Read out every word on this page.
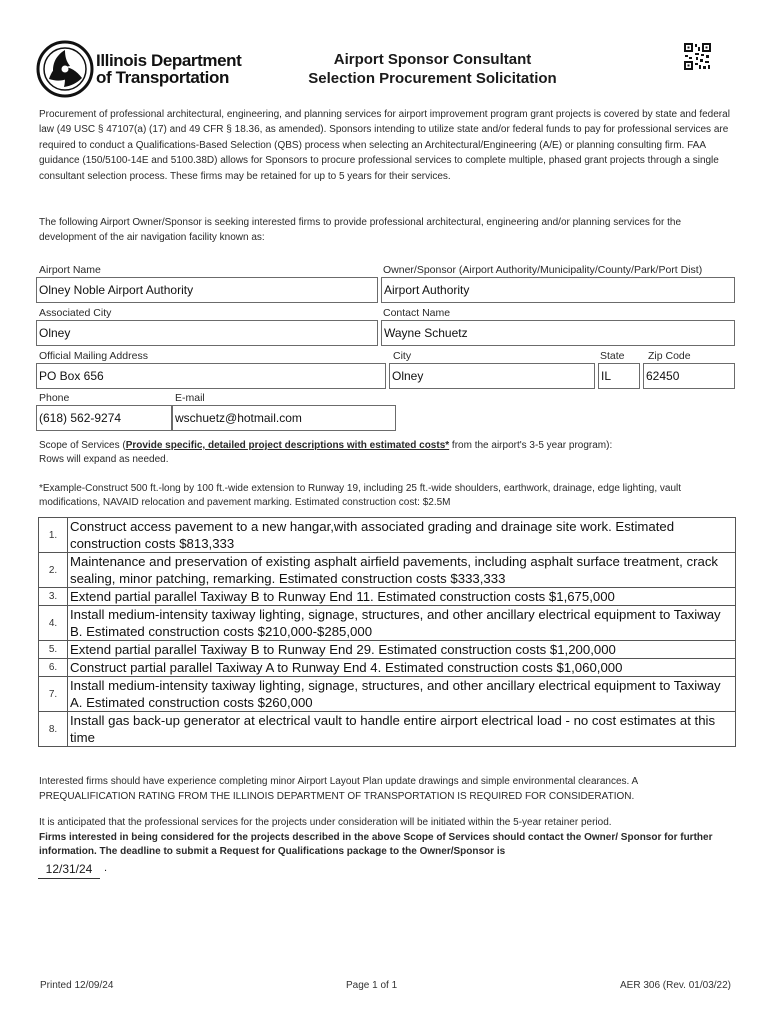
Illinois Department
of Transportation
Airport Sponsor Consultant
Selection Procurement Solicitation
Procurement of professional architectural, engineering, and planning services for airport improvement program grant projects is covered by state and federal law (49 USC § 47107(a) (17) and 49 CFR § 18.36, as amended). Sponsors intending to utilize state and/or federal funds to pay for professional services are required to conduct a Qualifications-Based Selection (QBS) process when selecting an Architectural/Engineering (A/E) or planning consulting firm. FAA guidance (150/5100-14E and 5100.38D) allows for Sponsors to procure professional services to complete multiple, phased grant projects through a single consultant selection process. These firms may be retained for up to 5 years for their services.
The following Airport Owner/Sponsor is seeking interested firms to provide professional architectural, engineering and/or planning services for the development of the air navigation facility known as:
Airport Name
Olney Noble Airport Authority
Owner/Sponsor (Airport Authority/Municipality/County/Park/Port Dist)
Airport Authority
Associated City
Olney
Contact Name
Wayne Schuetz
Official Mailing Address
PO Box 656
City
Olney
State
IL
Zip Code
62450
Phone
(618) 562-9274
E-mail
wschuetz@hotmail.com
Scope of Services (Provide specific, detailed project descriptions with estimated costs* from the airport's 3-5 year program):
Rows will expand as needed.
*Example-Construct 500 ft.-long by 100 ft.-wide extension to Runway 19, including 25 ft.-wide shoulders, earthwork, drainage, edge lighting, vault modifications, NAVAID relocation and pavement marking. Estimated construction cost: $2.5M
1.	Construct access pavement to a new hangar,with associated grading and drainage site work. Estimated construction costs $813,333
2.	Maintenance and preservation of existing asphalt airfield pavements, including asphalt surface treatment, crack sealing, minor patching, remarking. Estimated construction costs $333,333
3.	Extend partial parallel Taxiway B to Runway End 11. Estimated construction costs $1,675,000
4.	Install medium-intensity taxiway lighting, signage, structures, and other ancillary electrical equipment to Taxiway B. Estimated construction costs $210,000-$285,000
5.	Extend partial parallel Taxiway B to Runway End 29. Estimated construction costs $1,200,000
6.	Construct partial parallel Taxiway A to Runway End 4. Estimated construction costs $1,060,000
7.	Install medium-intensity taxiway lighting, signage, structures, and other ancillary electrical equipment to Taxiway A. Estimated construction costs $260,000
8.	Install gas back-up generator at electrical vault to handle entire airport electrical load - no cost estimates at this time
Interested firms should have experience completing minor Airport Layout Plan update drawings and simple environmental clearances. A PREQUALIFICATION RATING FROM THE ILLINOIS DEPARTMENT OF TRANSPORTATION IS REQUIRED FOR CONSIDERATION.
It is anticipated that the professional services for the projects under consideration will be initiated within the 5-year retainer period.
Firms interested in being considered for the projects described in the above Scope of Services should contact the Owner/ Sponsor for further information. The deadline to submit a Request for Qualifications package to the Owner/Sponsor is
12/31/24	.
Printed 12/09/24	Page 1 of 1	AER 306 (Rev. 01/03/22)
